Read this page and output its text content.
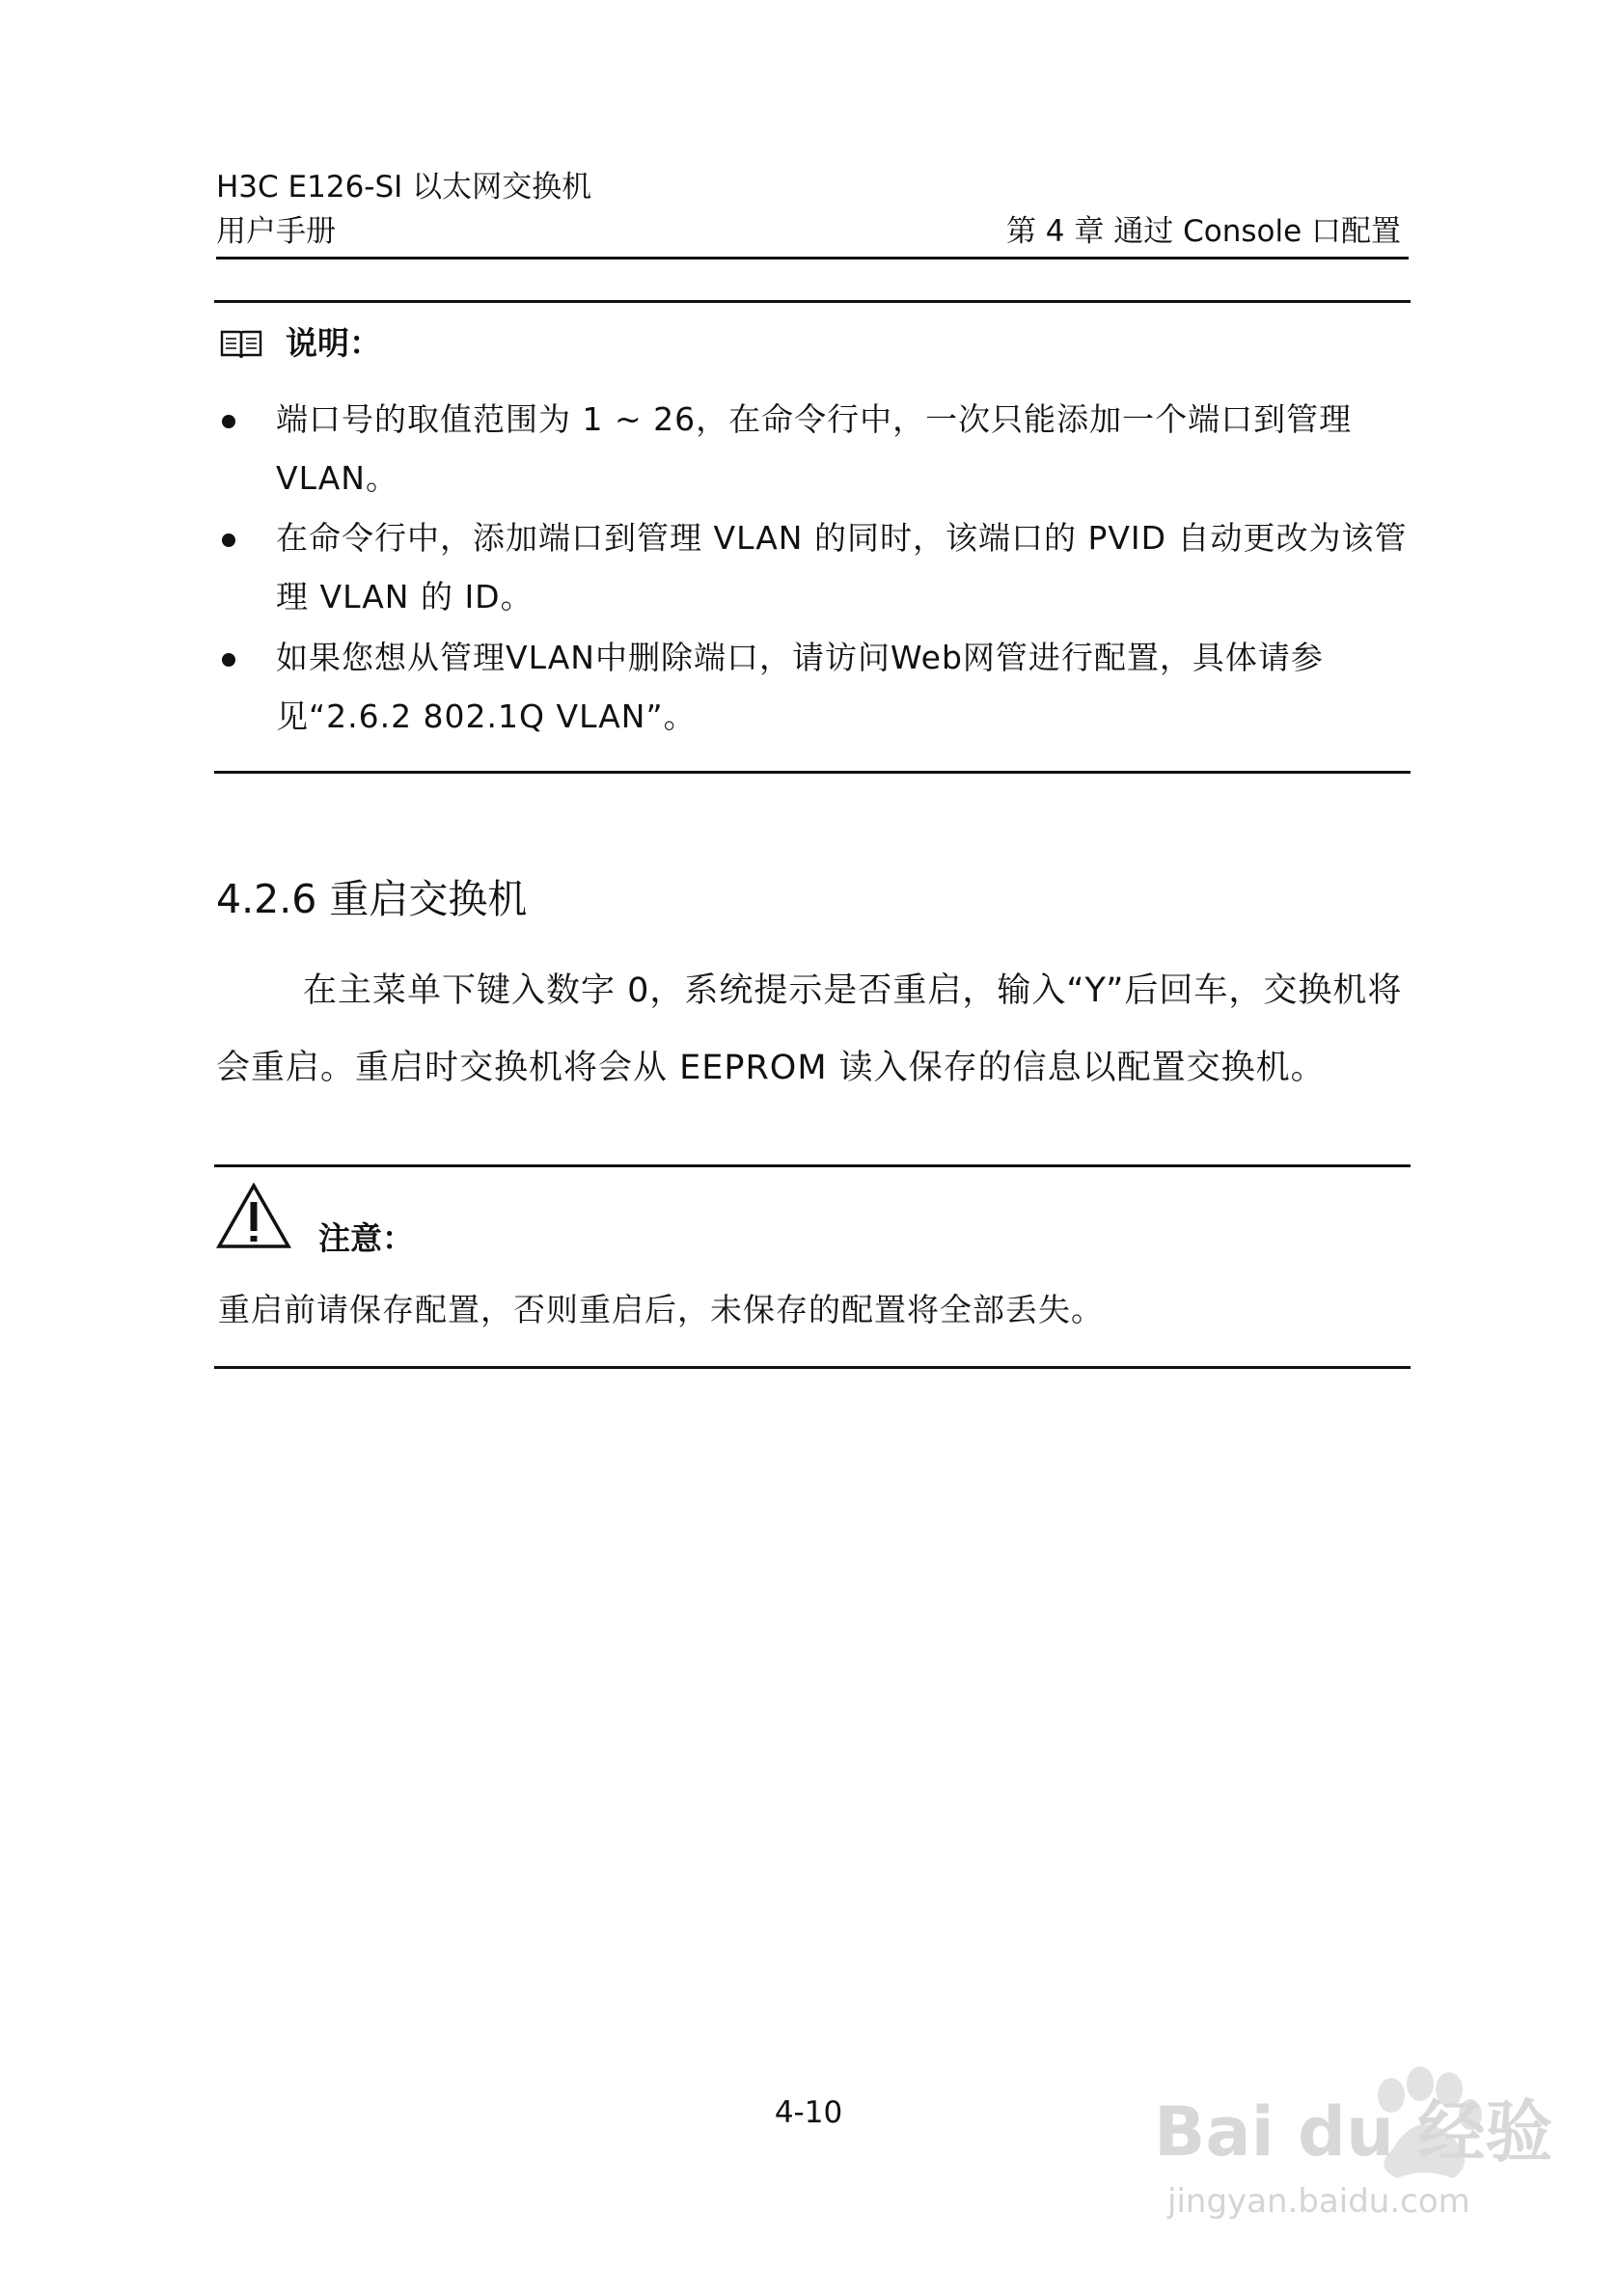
H3C E126-SI 以太网交换机
用户手册	第 4 章 通过 Console 口配置
说明：
端口号的取值范围为 1 ~ 26，在命令行中，一次只能添加一个端口到管理 VLAN。
在命令行中，添加端口到管理 VLAN 的同时，该端口的 PVID 自动更改为该管理 VLAN 的 ID。
如果您想从管理VLAN中删除端口，请访问Web网管进行配置，具体请参见“2.6.2 802.1Q VLAN”。
4.2.6 重启交换机
在主菜单下键入数字 0，系统提示是否重启，输入“Y”后回车，交换机将会重启。重启时交换机将会从 EEPROM 读入保存的信息以配置交换机。
注意：
重启前请保存配置，否则重启后，未保存的配置将全部丢失。
4-10	Bai du 经验
jingyan.baidu.com
